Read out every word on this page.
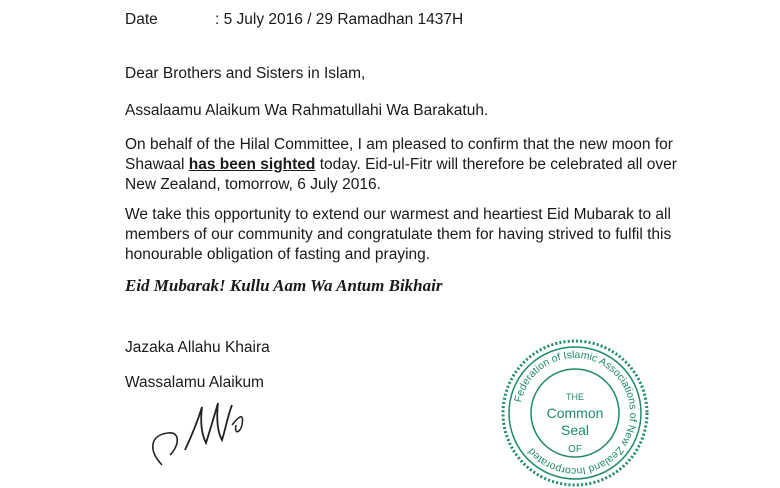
Date	: 5 July 2016 / 29 Ramadhan 1437H
Dear Brothers and Sisters in Islam,
Assalaamu Alaikum Wa Rahmatullahi Wa Barakatuh.
On behalf of the Hilal Committee, I am pleased to confirm that the new moon for
Shawaal has been sighted today. Eid-ul-Fitr will therefore be celebrated all over
New Zealand, tomorrow, 6 July 2016.
We take this opportunity to extend our warmest and heartiest Eid Mubarak to all
members of our community and congratulate them for having strived to fulfil this
honourable obligation of fasting and praying.
Eid Mubarak! Kullu Aam Wa Antum Bikhair
Jazaka Allahu Khaira
Wassalamu Alaikum
Federation of Islamic Associations of New Zealand Incorporated
THE
Common
Seal
OF
